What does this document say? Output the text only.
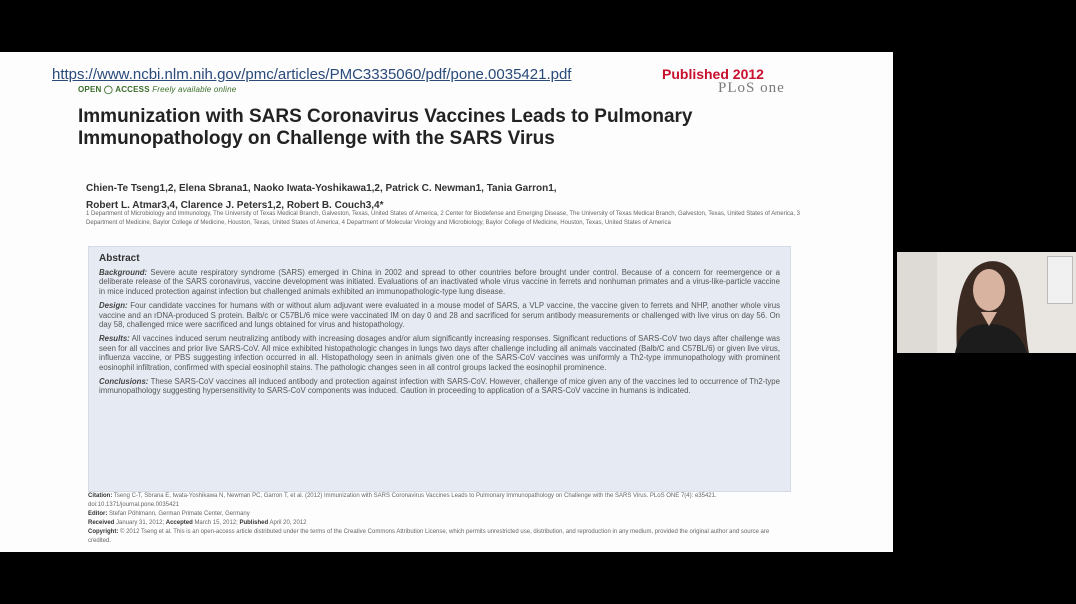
https://www.ncbi.nlm.nih.gov/pmc/articles/PMC3335060/pdf/pone.0035421.pdf	Published 2012
OPEN ◯ ACCESS Freely available online	PLoS one
Immunization with SARS Coronavirus Vaccines Leads to Pulmonary Immunopathology on Challenge with the SARS Virus
Chien-Te Tseng1,2, Elena Sbrana1, Naoko Iwata-Yoshikawa1,2, Patrick C. Newman1, Tania Garron1,
Robert L. Atmar3,4, Clarence J. Peters1,2, Robert B. Couch3,4*
1 Department of Microbiology and Immunology, The University of Texas Medical Branch, Galveston, Texas, United States of America, 2 Center for Biodefense and Emerging Disease, The University of Texas Medical Branch, Galveston, Texas, United States of America, 3 Department of Medicine, Baylor College of Medicine, Houston, Texas, United States of America, 4 Department of Molecular Virology and Microbiology, Baylor College of Medicine, Houston, Texas, United States of America
Abstract

Background: Severe acute respiratory syndrome (SARS) emerged in China in 2002 and spread to other countries before brought under control. Because of a concern for reemergence or a deliberate release of the SARS coronavirus, vaccine development was initiated. Evaluations of an inactivated whole virus vaccine in ferrets and nonhuman primates and a virus-like-particle vaccine in mice induced protection against infection but challenged animals exhibited an immunopathologic-type lung disease.

Design: Four candidate vaccines for humans with or without alum adjuvant were evaluated in a mouse model of SARS, a VLP vaccine, the vaccine given to ferrets and NHP, another whole virus vaccine and an rDNA-produced S protein. Balb/c or C57BL/6 mice were vaccinated IM on day 0 and 28 and sacrificed for serum antibody measurements or challenged with live virus on day 56. On day 58, challenged mice were sacrificed and lungs obtained for virus and histopathology.

Results: All vaccines induced serum neutralizing antibody with increasing dosages and/or alum significantly increasing responses. Significant reductions of SARS-CoV two days after challenge was seen for all vaccines and prior live SARS-CoV. All mice exhibited histopathologic changes in lungs two days after challenge including all animals vaccinated (Balb/C and C57BL/6) or given live virus, influenza vaccine, or PBS suggesting infection occurred in all. Histopathology seen in animals given one of the SARS-CoV vaccines was uniformly a Th2-type immunopathology with prominent eosinophil infiltration, confirmed with special eosinophil stains. The pathologic changes seen in all control groups lacked the eosinophil prominence.

Conclusions: These SARS-CoV vaccines all induced antibody and protection against infection with SARS-CoV. However, challenge of mice given any of the vaccines led to occurrence of Th2-type immunopathology suggesting hypersensitivity to SARS-CoV components was induced. Caution in proceeding to application of a SARS-CoV vaccine in humans is indicated.

Citation: Tseng C-T, Sbrana E, Iwata-Yoshikawa N, Newman PC, Garron T, et al. (2012) Immunization with SARS Coronavirus Vaccines Leads to Pulmonary Immunopathology on Challenge with the SARS Virus. PLoS ONE 7(4): e35421. doi:10.1371/journal.pone.0035421
Editor: Stefan Pöhlmann, German Primate Center, Germany
Received January 31, 2012; Accepted March 15, 2012; Published April 20, 2012
Copyright: © 2012 Tseng et al. This is an open-access article distributed under the terms of the Creative Commons Attribution License, which permits unrestricted use, distribution, and reproduction in any medium, provided the original author and source are credited.
